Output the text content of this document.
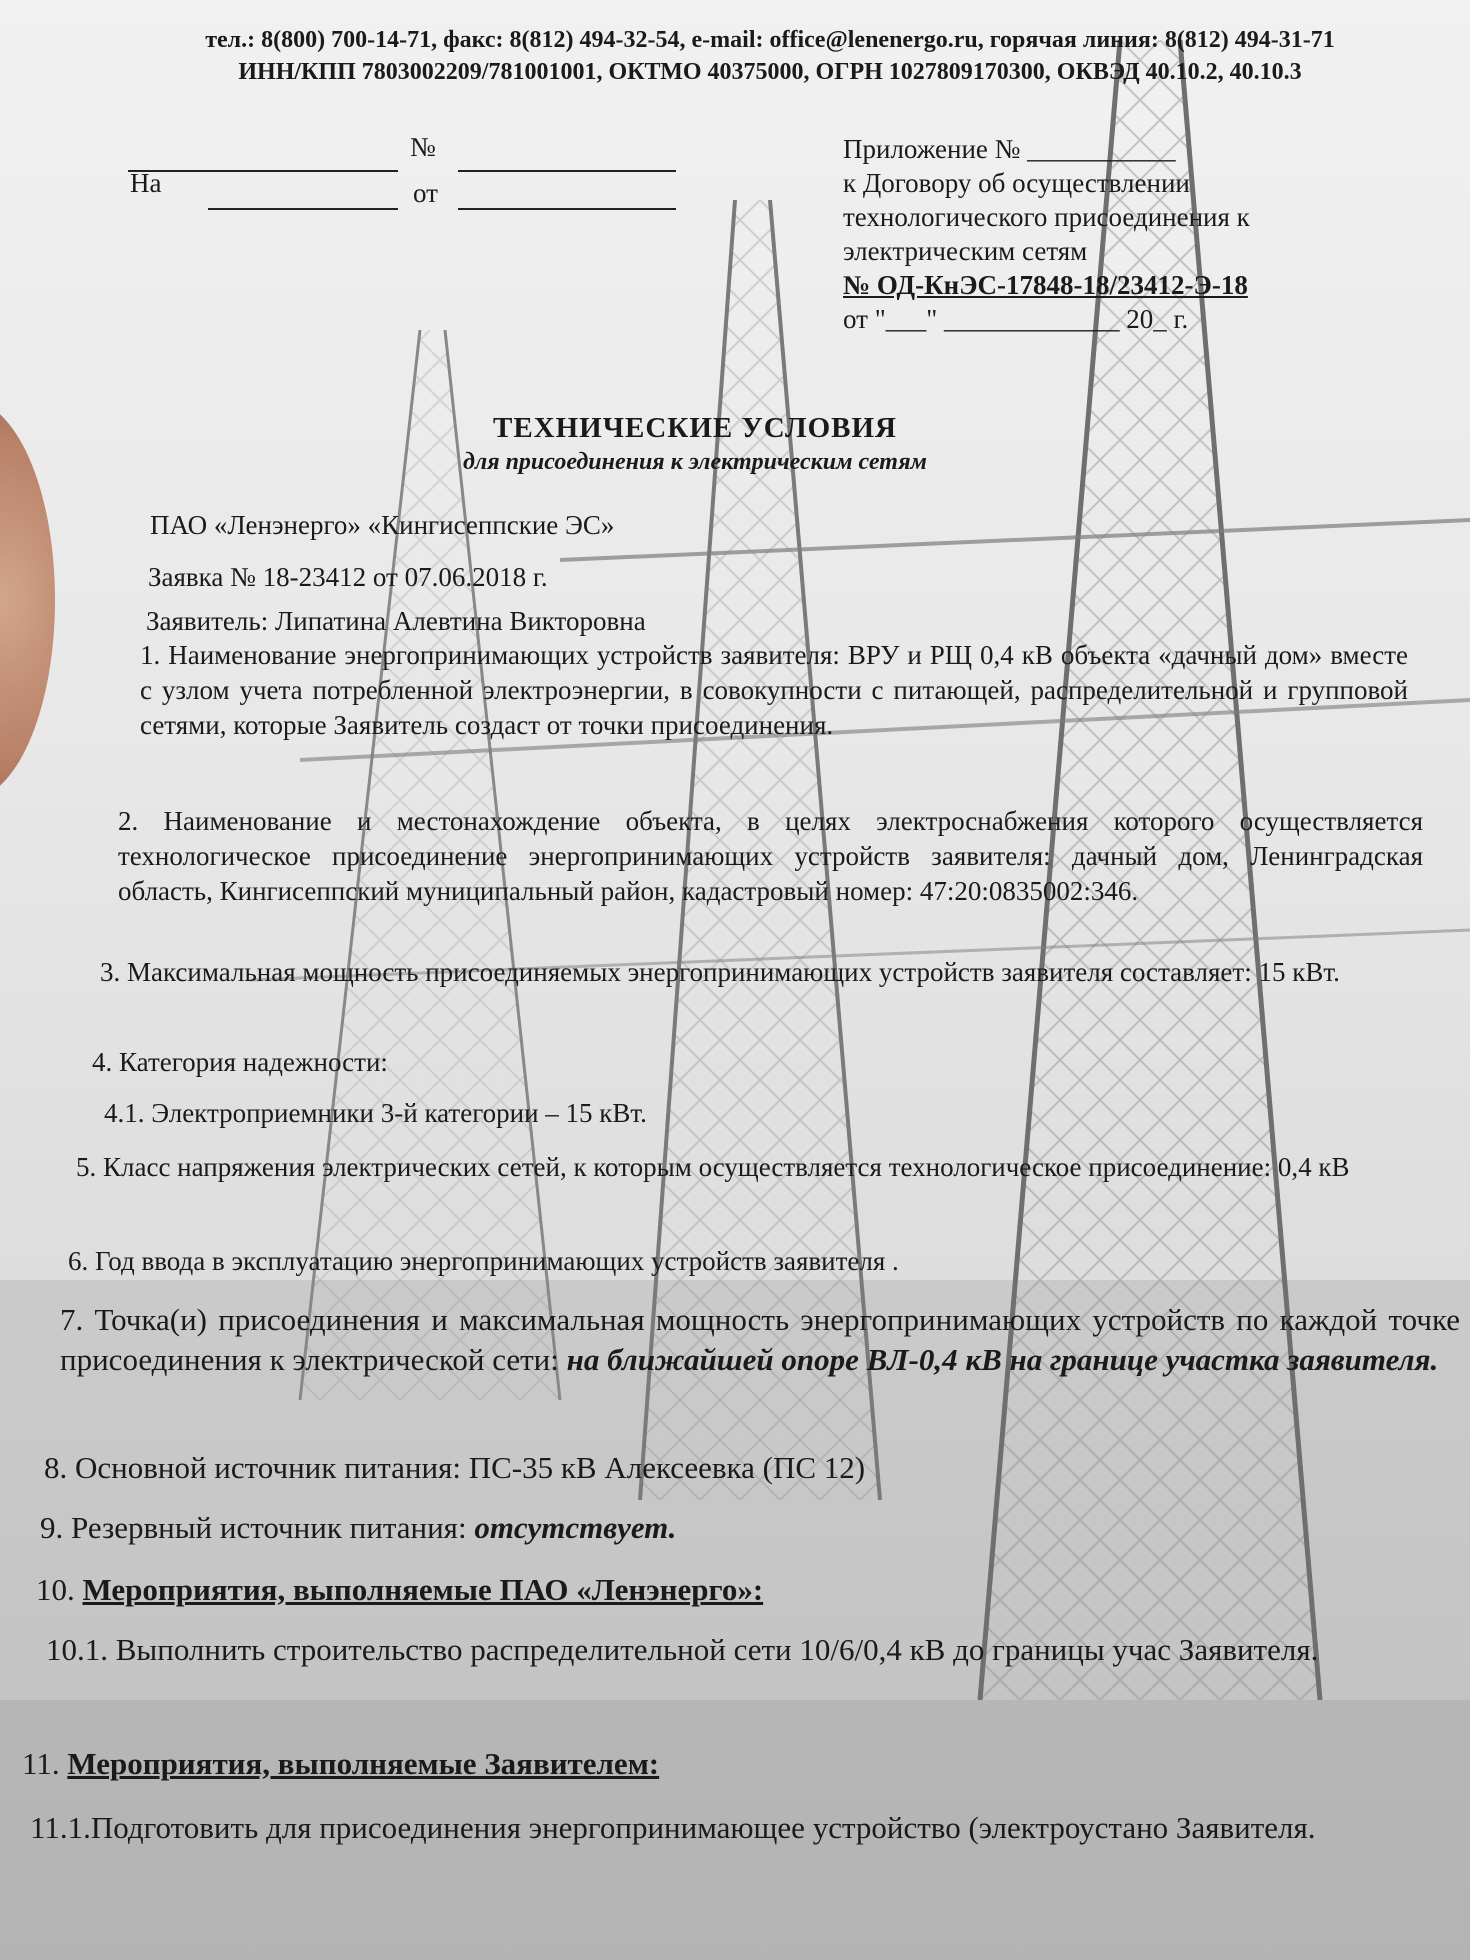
тел.: 8(800) 700-14-71, факс: 8(812) 494-32-54, e-mail: office@lenenergo.ru, горячая линия: 8(812) 494-31-71
ИНН/КПП 7803002209/781001001, ОКТМО 40375000, ОГРН 1027809170300, ОКВЭД 40.10.2, 40.10.3
№
На	от
Приложение № ___________
к Договору об осуществлении
технологического присоединения к
электрическим сетям
№ ОД-КнЭС-17848-18/23412-Э-18
от "___" _____________ 20_ г.
ТЕХНИЧЕСКИЕ УСЛОВИЯ
для присоединения к электрическим сетям
ПАО «Ленэнерго» «Кингисеппские ЭС»
Заявка № 18-23412 от 07.06.2018 г.
Заявитель: Липатина Алевтина Викторовна
1. Наименование энергопринимающих устройств заявителя: ВРУ и РЩ 0,4 кВ объекта «дачный дом» вместе с узлом учета потребленной электроэнергии, в совокупности с питающей, распределительной и групповой сетями, которые Заявитель создаст от точки присоединения.
2. Наименование и местонахождение объекта, в целях электроснабжения которого осуществляется технологическое присоединение энергопринимающих устройств заявителя: дачный дом, Ленинградская область, Кингисеппский муниципальный район, кадастровый номер: 47:20:0835002:346.
3. Максимальная мощность присоединяемых энергопринимающих устройств заявителя составляет: 15 кВт.
4. Категория надежности:
4.1. Электроприемники 3-й категории – 15 кВт.
5. Класс напряжения электрических сетей, к которым осуществляется технологическое присоединение: 0,4 кВ
6. Год ввода в эксплуатацию энергопринимающих устройств заявителя .
7. Точка(и) присоединения и максимальная мощность энергопринимающих устройств по каждой точке присоединения к электрической сети: на ближайшей опоре ВЛ-0,4 кВ на границе участка заявителя.
8. Основной источник питания: ПС-35 кВ Алексеевка (ПС 12)
9. Резервный источник питания: отсутствует.
10. Мероприятия, выполняемые ПАО «Ленэнерго»:
10.1. Выполнить строительство распределительной сети 10/6/0,4 кВ до границы учас Заявителя.
11. Мероприятия, выполняемые Заявителем:
11.1.Подготовить для присоединения энергопринимающее устройство (электроустано Заявителя.
